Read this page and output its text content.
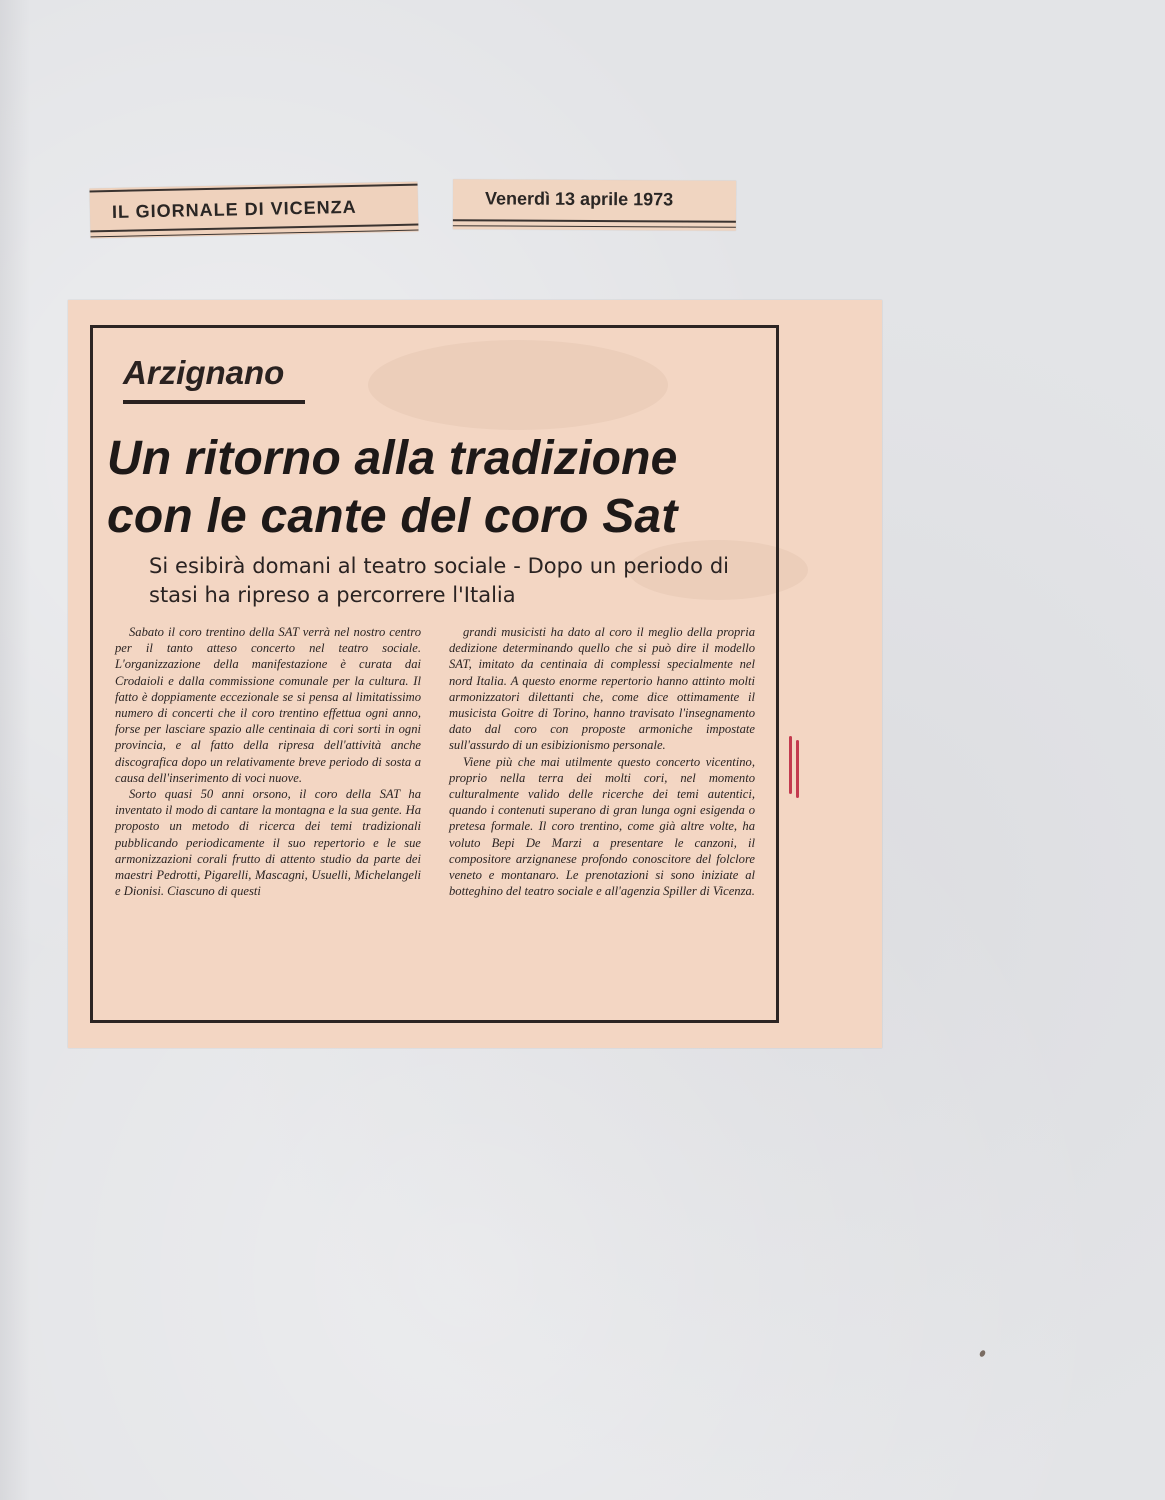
IL GIORNALE DI VICENZA	Venerdì 13 aprile 1973
Arzignano
Un ritorno alla tradizione
con le cante del coro Sat
Si esibirà domani al teatro sociale - Dopo un periodo di stasi ha ripreso a percorrere l'Italia

Sabato il coro trentino della SAT verrà nel nostro centro per il tanto atteso concerto nel teatro sociale. L'organizzazione della manifestazione è curata dai Crodaioli e dalla commissione comunale per la cultura. Il fatto è doppiamente eccezionale se si pensa al limitatissimo numero di concerti che il coro trentino effettua ogni anno, forse per lasciare spazio alle centinaia di cori sorti in ogni provincia, e al fatto della ripresa dell'attività anche discografica dopo un relativamente breve periodo di sosta a causa dell'inserimento di voci nuove.

Sorto quasi 50 anni orsono, il coro della SAT ha inventato il modo di cantare la montagna e la sua gente. Ha proposto un metodo di ricerca dei temi tradizionali pubblicando periodicamente il suo repertorio e le sue armonizzazioni corali frutto di attento studio da parte dei maestri Pedrotti, Pigarelli, Mascagni, Usuelli, Michelangeli e Dionisi. Ciascuno di questi

grandi musicisti ha dato al coro il meglio della propria dedizione determinando quello che si può dire il modello SAT, imitato da centinaia di complessi specialmente nel nord Italia. A questo enorme repertorio hanno attinto molti armonizzatori dilettanti che, come dice ottimamente il musicista Goitre di Torino, hanno travisato l'insegnamento dato dal coro con proposte armoniche impostate sull'assurdo di un esibizionismo personale.

Viene più che mai utilmente questo concerto vicentino, proprio nella terra dei molti cori, nel momento culturalmente valido delle ricerche dei temi autentici, quando i contenuti superano di gran lunga ogni esigenda o pretesa formale. Il coro trentino, come già altre volte, ha voluto Bepi De Marzi a presentare le canzoni, il compositore arzignanese profondo conoscitore del folclore veneto e montanaro. Le prenotazioni si sono iniziate al botteghino del teatro sociale e all'agenzia Spiller di Vicenza.
